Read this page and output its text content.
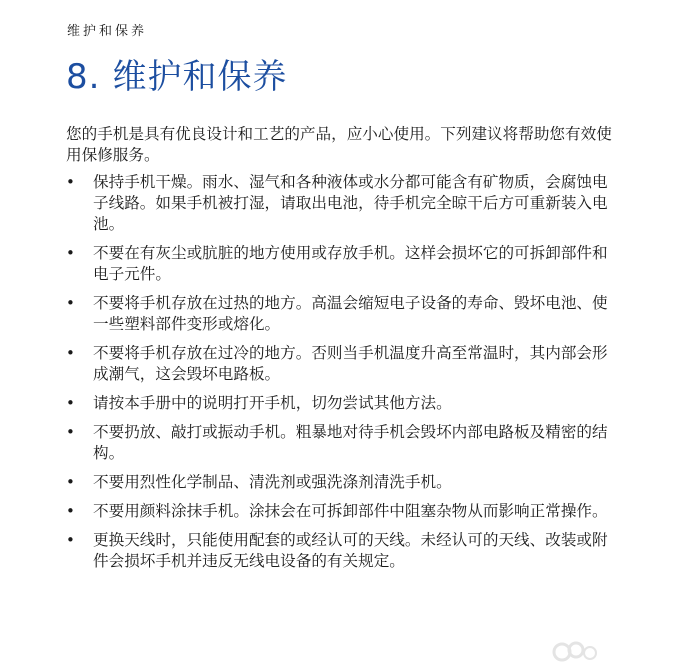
维护和保养
8. 维护和保养

您的手机是具有优良设计和工艺的产品，应小心使用。下列建议将帮助您有效使用保修服务。

• 保持手机干燥。雨水、湿气和各种液体或水分都可能含有矿物质，会腐蚀电子线路。如果手机被打湿，请取出电池，待手机完全晾干后方可重新装入电池。
• 不要在有灰尘或肮脏的地方使用或存放手机。这样会损坏它的可拆卸部件和电子元件。
• 不要将手机存放在过热的地方。高温会缩短电子设备的寿命、毁坏电池、使一些塑料部件变形或熔化。
• 不要将手机存放在过冷的地方。否则当手机温度升高至常温时，其内部会形成潮气，这会毁坏电路板。
• 请按本手册中的说明打开手机，切勿尝试其他方法。
• 不要扔放、敲打或振动手机。粗暴地对待手机会毁坏内部电路板及精密的结构。
• 不要用烈性化学制品、清洗剂或强洗涤剂清洗手机。
• 不要用颜料涂抹手机。涂抹会在可拆卸部件中阻塞杂物从而影响正常操作。
• 更换天线时，只能使用配套的或经认可的天线。未经认可的天线、改装或附件会损坏手机并违反无线电设备的有关规定。
